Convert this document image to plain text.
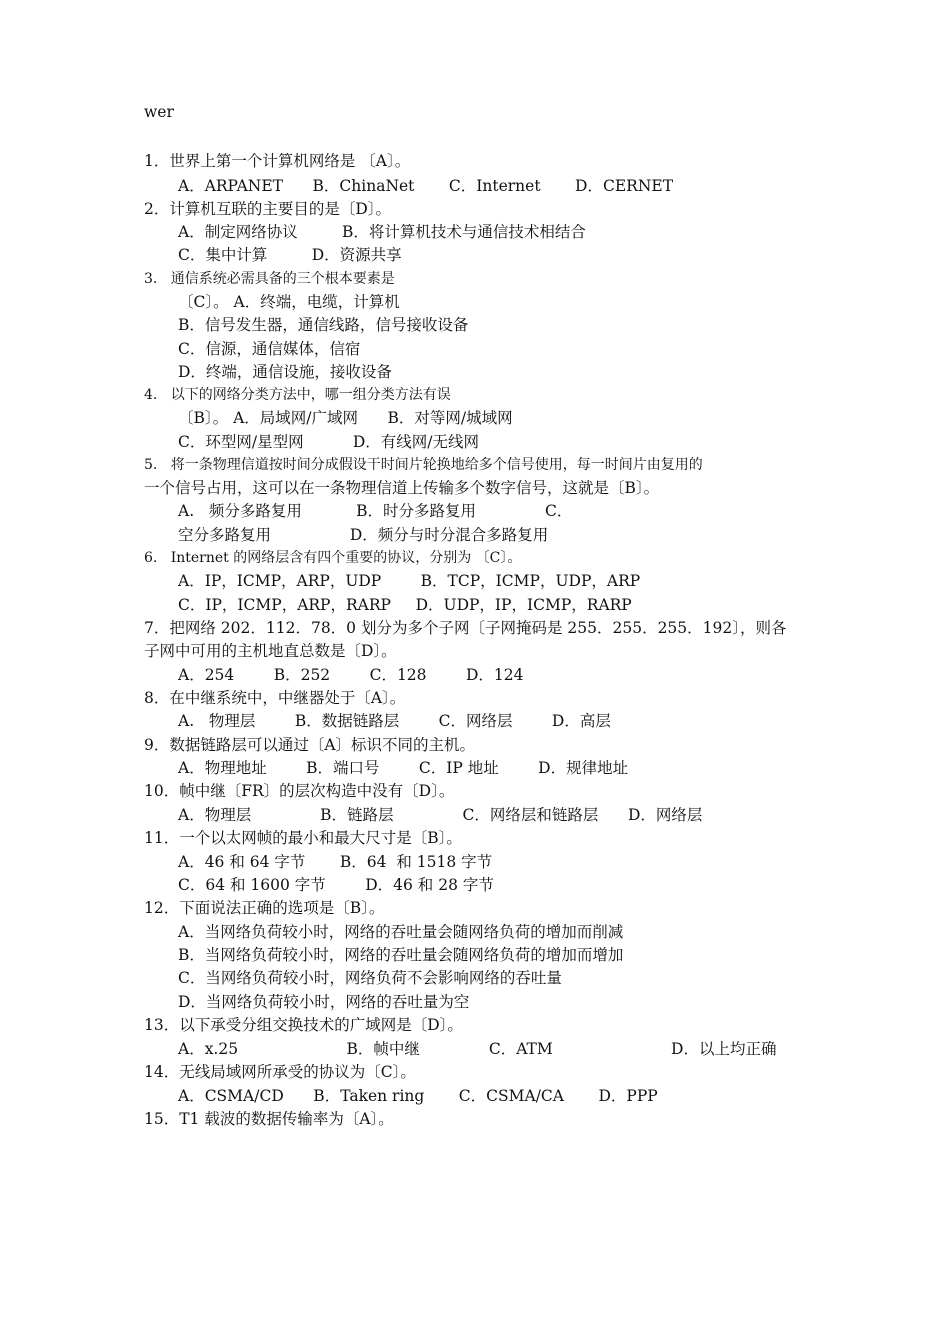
wer
1．世界上第一个计算机网络是 〔A〕。
A．ARPANET      B．ChinaNet       C．Internet       D．CERNET
2．计算机互联的主要目的是〔D〕。
A．制定网络协议         B．将计算机技术与通信技术相结合
C．集中计算         D．资源共享
3.   通信系统必需具备的三个根本要素是
〔C〕。 A．终端，电缆，计算机
B．信号发生器，通信线路，信号接收设备
C．信源，通信媒体，信宿
D．终端，通信设施，接收设备
4.   以下的网络分类方法中，哪一组分类方法有误
〔B〕。 A．局域网/广域网      B．对等网/城域网
C．环型网/星型网          D．有线网/无线网
5.   将一条物理信道按时间分成假设干时间片轮换地给多个信号使用，每一时间片由复用的
一个信号占用，这可以在一条物理信道上传输多个数字信号，这就是〔B〕。
A.   频分多路复用           B．时分多路复用              C．
空分多路复用                D．频分与时分混合多路复用
6.   Internet 的网络层含有四个重要的协议，分别为 〔C〕。
A．IP，ICMP，ARP，UDP        B．TCP，ICMP，UDP，ARP
C．IP，ICMP，ARP，RARP     D．UDP，IP，ICMP，RARP
7．把网络 202．112．78．0 划分为多个子网〔子网掩码是 255．255．255．192〕，则各
子网中可用的主机地直总数是〔D〕。
A．254        B．252        C．128        D．124
8．在中继系统中，中继器处于〔A〕。
A.   物理层        B．数据链路层        C．网络层        D．高层
9．数据链路层可以通过〔A〕标识不同的主机。
A．物理地址        B．端口号        C．IP 地址        D．规律地址
10．帧中继〔FR〕的层次构造中没有〔D〕。
A．物理层              B．链路层              C．网络层和链路层      D．网络层
11．一个以太网帧的最小和最大尺寸是〔B〕。
A．46 和 64 字节       B．64  和 1518 字节
C．64 和 1600 字节        D．46 和 28 字节
12．下面说法正确的选项是〔B〕。
A．当网络负荷较小时，网络的吞吐量会随网络负荷的增加而削减
B．当网络负荷较小时，网络的吞吐量会随网络负荷的增加而增加
C．当网络负荷较小时，网络负荷不会影响网络的吞吐量
D．当网络负荷较小时，网络的吞吐量为空
13．以下承受分组交换技术的广域网是〔D〕。
A．x.25                      B．帧中继              C．ATM                        D．以上均正确
14．无线局域网所承受的协议为〔C〕。
A．CSMA/CD      B．Taken ring       C．CSMA/CA       D．PPP
15．T1 载波的数据传输率为〔A〕。
